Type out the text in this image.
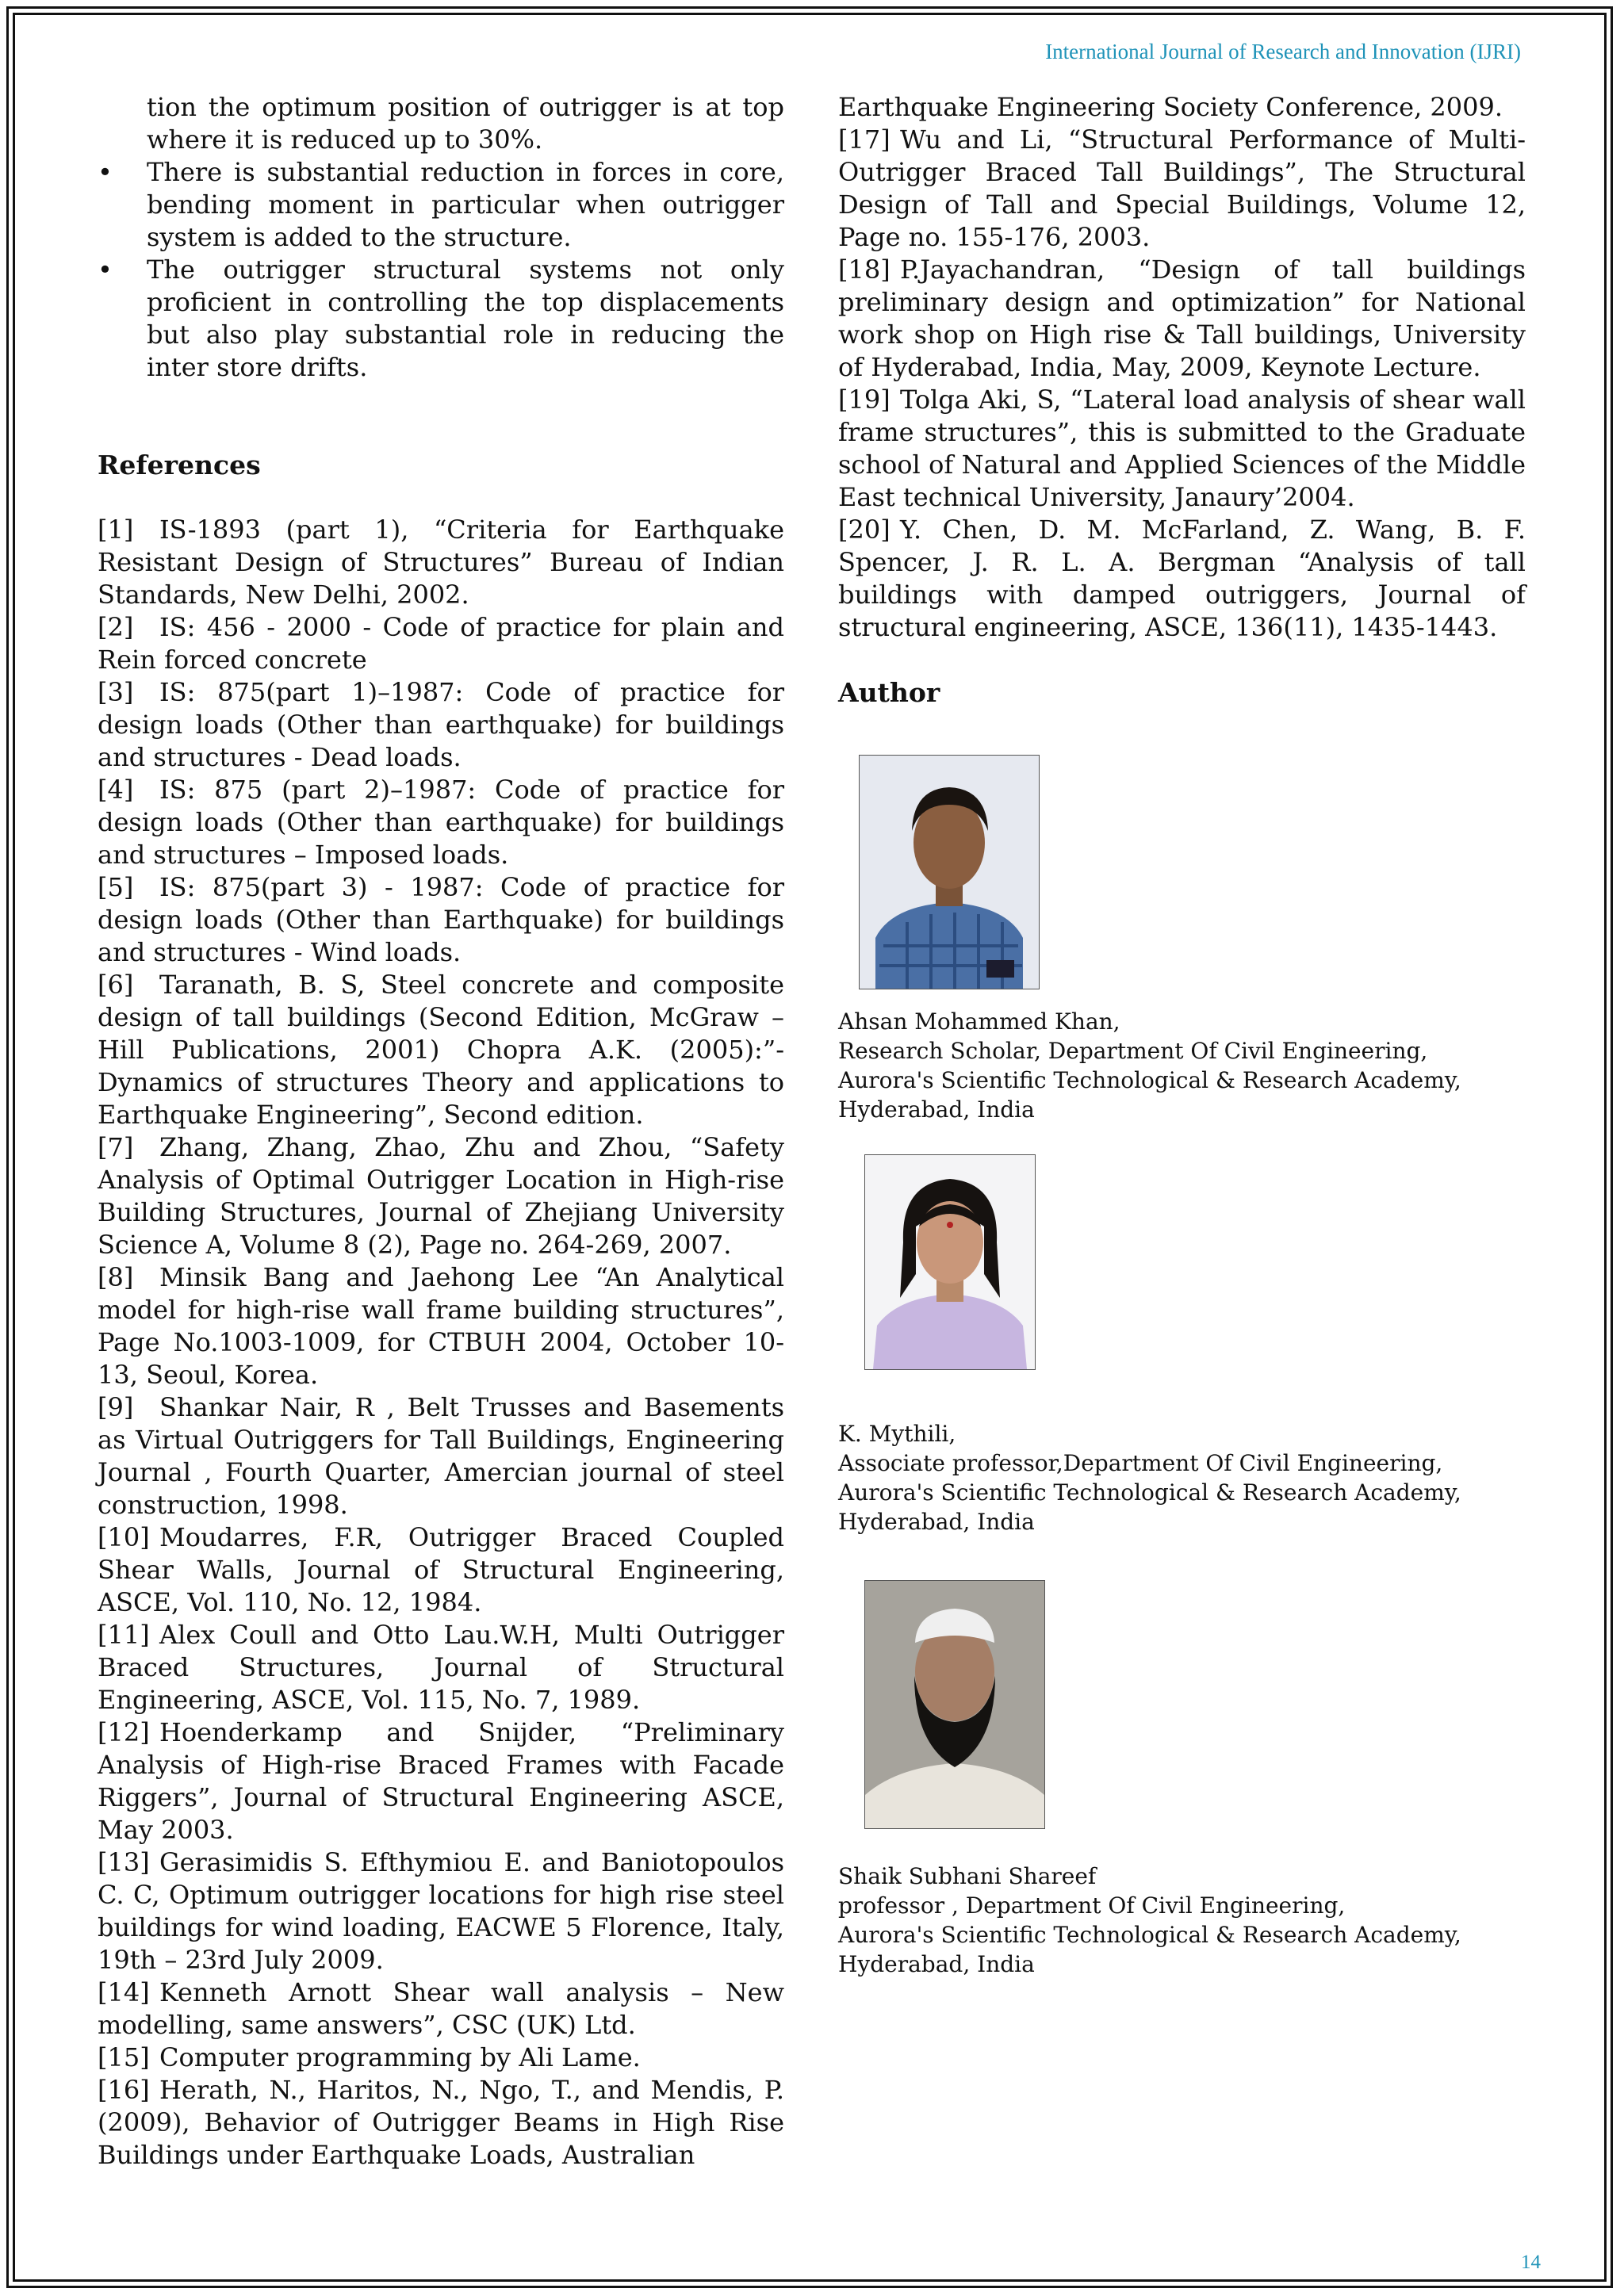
International Journal of Research and Innovation (IJRI)
tion the optimum position of outrigger is at top where it is reduced up to 30%.
• There is substantial reduction in forces in core, bending moment in particular when outrigger system is added to the structure.
• The outrigger structural systems not only proficient in controlling the top displacements but also play substantial role in reducing the inter store drifts.

References

[1] IS-1893 (part 1), “Criteria for Earthquake Resistant Design of Structures” Bureau of Indian Standards, New Delhi, 2002.

[2] IS: 456 - 2000 - Code of practice for plain and Rein forced concrete

[3] IS: 875(part 1)–1987: Code of practice for design loads (Other than earthquake) for buildings and structures - Dead loads.

[4] IS: 875 (part 2)–1987: Code of practice for design loads (Other than earthquake) for buildings and structures – Imposed loads.

[5] IS: 875(part 3) - 1987: Code of practice for design loads (Other than Earthquake) for buildings and structures - Wind loads.

[6] Taranath, B. S, Steel concrete and composite design of tall buildings (Second Edition, McGraw – Hill Publications, 2001) Chopra A.K. (2005):”-Dynamics of structures Theory and applications to Earthquake Engineering”, Second edition.

[7] Zhang, Zhang, Zhao, Zhu and Zhou, “Safety Analysis of Optimal Outrigger Location in High-rise Building Structures, Journal of Zhejiang University Science A, Volume 8 (2), Page no. 264-269, 2007.

[8] Minsik Bang and Jaehong Lee “An Analytical model for high-rise wall frame building structures”, Page No.1003-1009, for CTBUH 2004, October 10-13, Seoul, Korea.

[9] Shankar Nair, R , Belt Trusses and Basements as Virtual Outriggers for Tall Buildings, Engineering Journal , Fourth Quarter, Amercian journal of steel construction, 1998.

[10] Moudarres, F.R, Outrigger Braced Coupled Shear Walls, Journal of Structural Engineering, ASCE, Vol. 110, No. 12, 1984.

[11] Alex Coull and Otto Lau.W.H, Multi Outrigger Braced Structures, Journal of Structural Engineering, ASCE, Vol. 115, No. 7, 1989.

[12] Hoenderkamp and Snijder, “Preliminary Analysis of High-rise Braced Frames with Facade Riggers”, Journal of Structural Engineering ASCE, May 2003.

[13] Gerasimidis S. Efthymiou E. and Baniotopoulos C. C, Optimum outrigger locations for high rise steel buildings for wind loading, EACWE 5 Florence, Italy, 19th – 23rd July 2009.

[14] Kenneth Arnott Shear wall analysis – New modelling, same answers”, CSC (UK) Ltd.

[15] Computer programming by Ali Lame.

[16] Herath, N., Haritos, N., Ngo, T., and Mendis, P. (2009), Behavior of Outrigger Beams in High Rise Buildings under Earthquake Loads, Australian

Earthquake Engineering Society Conference, 2009.

[17] Wu and Li, “Structural Performance of Multi-Outrigger Braced Tall Buildings”, The Structural Design of Tall and Special Buildings, Volume 12, Page no. 155-176, 2003.

[18] P.Jayachandran, “Design of tall buildings preliminary design and optimization” for National work shop on High rise & Tall buildings, University of Hyderabad, India, May, 2009, Keynote Lecture.

[19] Tolga Aki, S, “Lateral load analysis of shear wall frame structures”, this is submitted to the Graduate school of Natural and Applied Sciences of the Middle East technical University, Janaury’2004.

[20] Y. Chen, D. M. McFarland, Z. Wang, B. F. Spencer, J. R. L. A. Bergman “Analysis of tall buildings with damped outriggers, Journal of structural engineering, ASCE, 136(11), 1435-1443.

Author

Ahsan Mohammed Khan,
Research Scholar, Department Of Civil Engineering,
Aurora's Scientific Technological & Research Academy,
Hyderabad, India
K. Mythili,
Associate professor,Department Of Civil Engineering,
Aurora's Scientific Technological & Research Academy,
Hyderabad, India
Shaik Subhani Shareef
professor , Department Of Civil Engineering,
Aurora's Scientific Technological & Research Academy,
Hyderabad, India
14
